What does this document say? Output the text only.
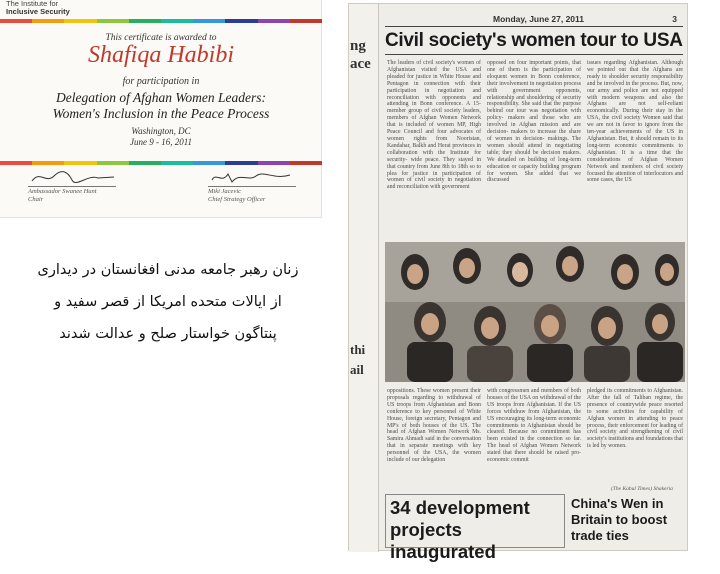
The Institute for
Inclusive Security
This certificate is awarded to
Shafiqa Habibi
for participation in
Delegation of Afghan Women Leaders:
Women's Inclusion in the Peace Process
Washington, DC
June 9 - 16, 2011
Ambassador Swanee Hunt
Chair
Miki Jacevic
Chief Strategy Officer
زنان رهبر جامعه مدنی افغانستان در دیداری
از ایالات متحده امریکا از قصر سفید و
پنتاگون خواستار صلح و عدالت شدند
ng
ace
thi
ail
Monday, June 27, 2011	3
Civil society's women tour to USA
The leaders of civil society's women of Afghanistan visited the USA and pleaded for justice in White House and Pentagon in connection with their participation in negotiation and reconciliation with opponents and attending in Bonn conference. A 15- member group of civil society leaders, members of Afghan Women Network that is included of women MP, High Peace Council and four advocates of women rights from Nooristan, Kandahar, Balkh and Herat provinces in collaboration with the Institute for security- wide peace. They stayed in that country from June 8th to 18th so to plea for justice in participation of women of civil society in negotiation and reconciliation with government
opposed on four important points, that one of them is the participation of eloquent women in Bonn conference, their involvement in negotiation process with government opponents, relationship and shouldering of security responsibility. She said that the purpose behind our tour was negotiation with policy- makers and those who are involved in Afghan mission and are decision- makers to increase the share of women in decision- makings. The women should attend in negotiating table; they should be decision makers. We detailed on building of long-term education or capacity building program for women. She added that we discussed
issues regarding Afghanistan. Although we pointed out that the Afghans are ready to shoulder security responsibility and be involved in the process. But, now, our army and police are not equipped with modern weapons and also the Afghans are not self-reliant economically. During their stay in the USA, the civil society Women said that we are not in favor to ignore from the ten-year achievements of the US in Afghanistan. But, it should remain to its long-term economic commitments to Afghanistan. It is a time that the considerations of Afghan Women Network and members of civil society focused the attention of interlocutors and some cases, the US
oppositions. These women present their proposals regarding to withdrawal of US troops from Afghanistan and Bonn conference to key personnel of White House, foreign secretary, Pentagon and MP's of both houses of the US. The head of Afghan Women Network Ms. Samira Ahmadi said in the conversation that in separate meetings with key personnel of the USA, the women include of our delegation
with congressmen and members of both houses of the USA on withdrawal of the US troops from Afghanistan. If the US forces withdraw from Afghanistan, the US encouraging its long-term economic commitments to Afghanistan should be cleared. Because no commitment has been existed in the connection so far. The head of Afghan Women Network stated that there should be raised pro- economic commit
pledged its commitments to Afghanistan. After the fall of Taliban regime, the presence of countrywide peace resorted to some activities for capability of Afghan women in attending to peace process, their enforcement for leading of civil society and strengthening of civil society's institutions and foundations that is led by women.
(The Kabul Times) Shakeria
34 development projects inaugurated
China's Wen in Britain to boost trade ties
